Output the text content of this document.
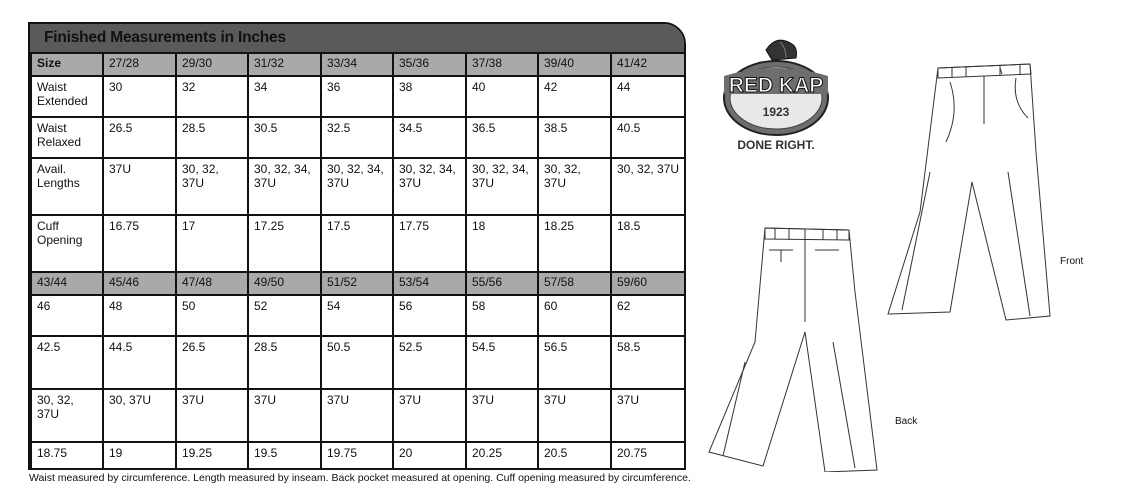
Finished Measurements in Inches
Size	27/28	29/30	31/32	33/34	35/36	37/38	39/40	41/42
Waist Extended	30	32	34	36	38	40	42	44
Waist Relaxed	26.5	28.5	30.5	32.5	34.5	36.5	38.5	40.5
Avail. Lengths	37U	30, 32, 37U	30, 32, 34, 37U	30, 32, 34, 37U	30, 32, 34, 37U	30, 32, 34, 37U	30, 32, 37U	30, 32, 37U
Cuff Opening	16.75	17	17.25	17.5	17.75	18	18.25	18.5
43/44	45/46	47/48	49/50	51/52	53/54	55/56	57/58	59/60
46	48	50	52	54	56	58	60	62
42.5	44.5	26.5	28.5	50.5	52.5	54.5	56.5	58.5
30, 32, 37U	30, 37U	37U	37U	37U	37U	37U	37U	37U
18.75	19	19.25	19.5	19.75	20	20.25	20.5	20.75
Waist measured by circumference. Length measured by inseam. Back pocket measured at opening. Cuff opening measured by circumference.
RED KAP
1923
DONE RIGHT.
Front
Back
